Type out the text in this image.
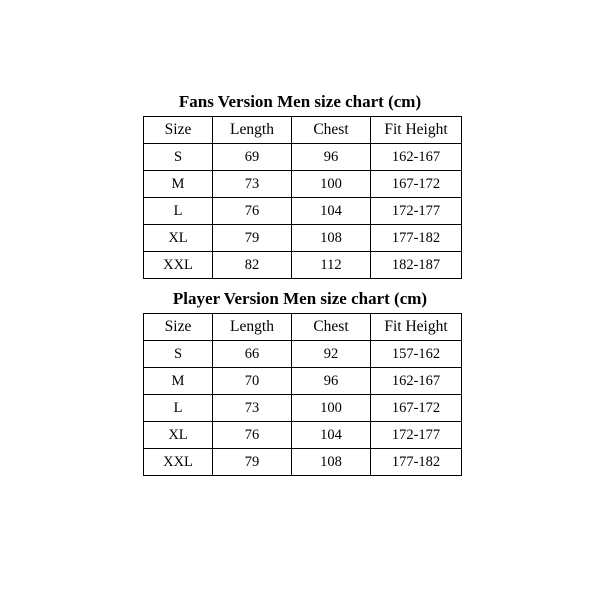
Fans Version Men size chart (cm)
Size	Length	Chest	Fit Height
S	69	96	162-167
M	73	100	167-172
L	76	104	172-177
XL	79	108	177-182
XXL	82	112	182-187
Player Version Men size chart (cm)
Size	Length	Chest	Fit Height
S	66	92	157-162
M	70	96	162-167
L	73	100	167-172
XL	76	104	172-177
XXL	79	108	177-182
